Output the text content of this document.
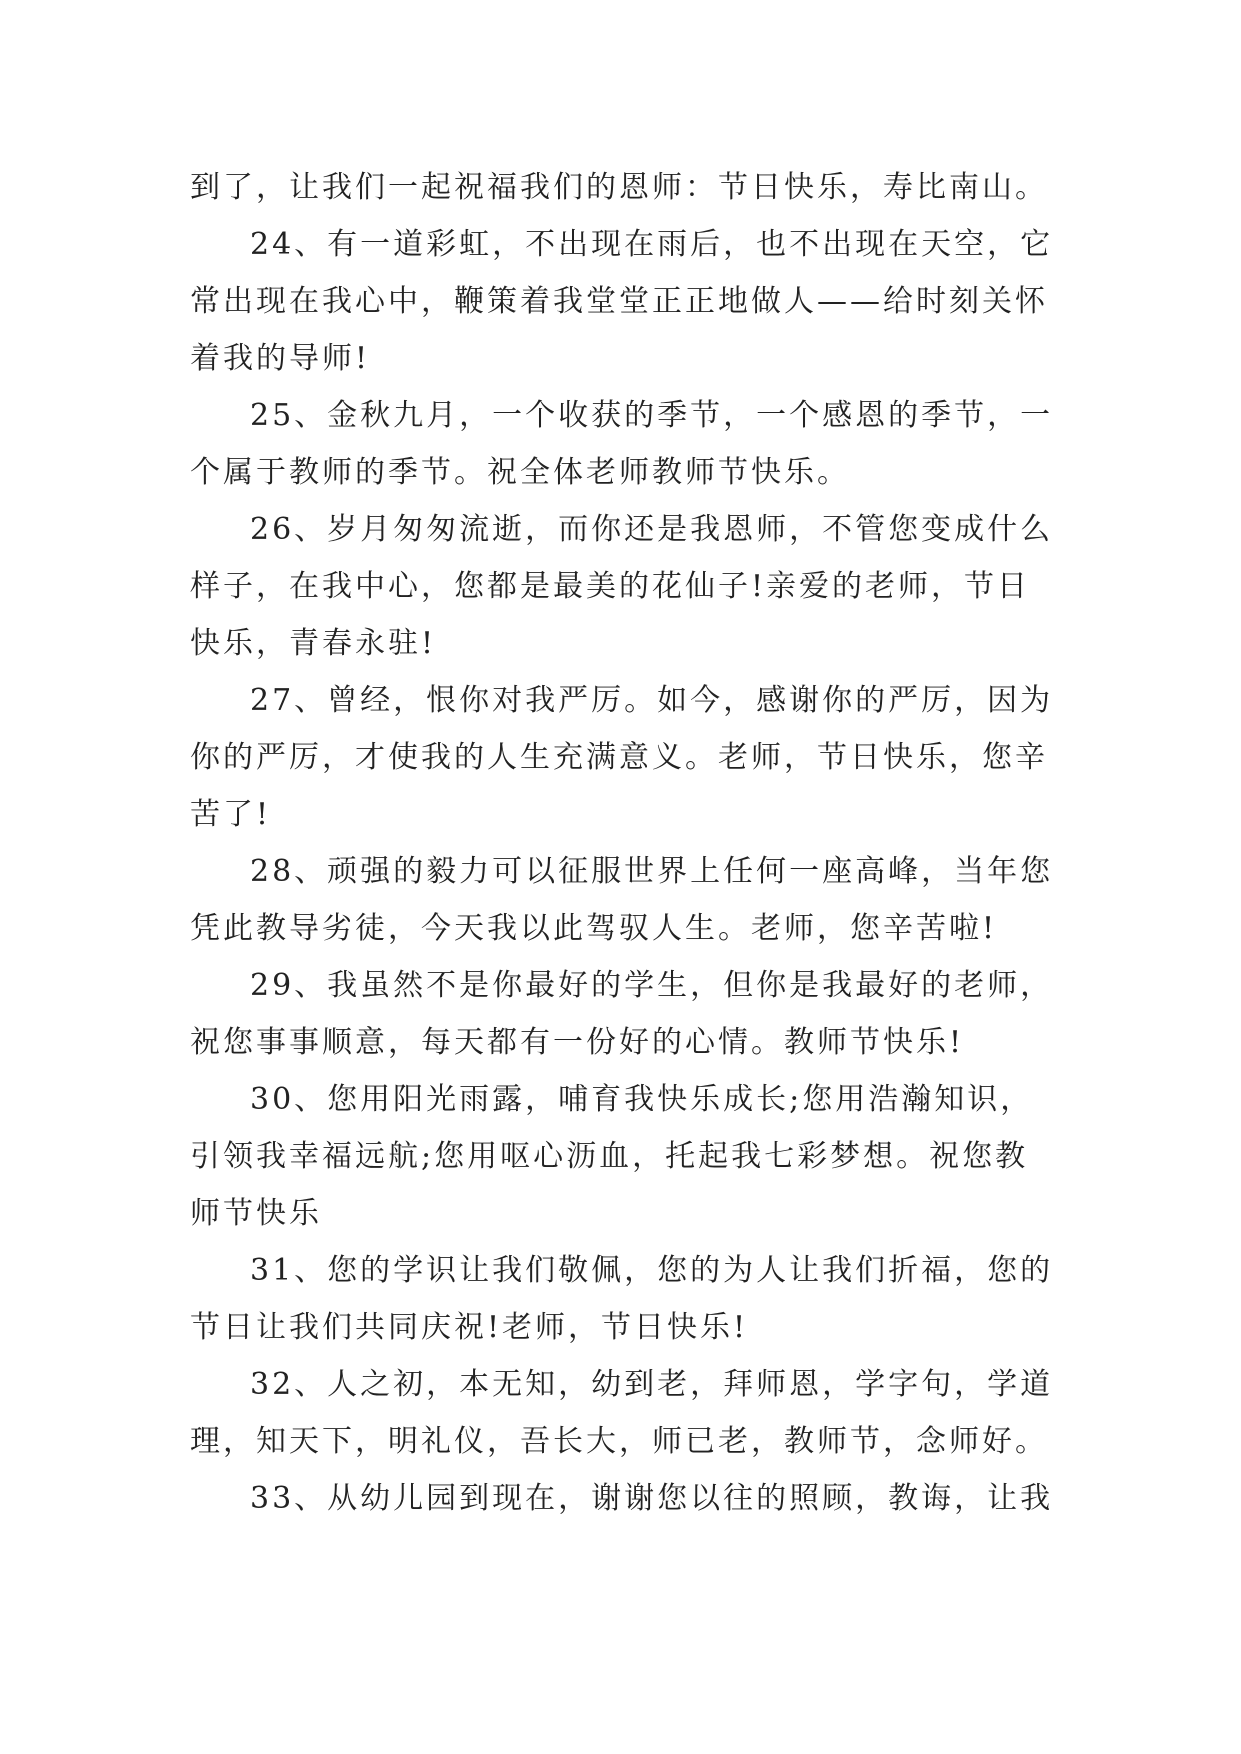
到了，让我们一起祝福我们的恩师：节日快乐，寿比南山。
24、有一道彩虹，不出现在雨后，也不出现在天空，它
常出现在我心中，鞭策着我堂堂正正地做人——给时刻关怀
着我的导师!
25、金秋九月，一个收获的季节，一个感恩的季节，一
个属于教师的季节。祝全体老师教师节快乐。
26、岁月匆匆流逝，而你还是我恩师，不管您变成什么
样子，在我中心，您都是最美的花仙子!亲爱的老师，节日
快乐，青春永驻!
27、曾经，恨你对我严厉。如今，感谢你的严厉，因为
你的严厉，才使我的人生充满意义。老师，节日快乐，您辛
苦了!
28、顽强的毅力可以征服世界上任何一座高峰，当年您
凭此教导劣徒，今天我以此驾驭人生。老师，您辛苦啦!
29、我虽然不是你最好的学生，但你是我最好的老师，
祝您事事顺意，每天都有一份好的心情。教师节快乐!
30、您用阳光雨露，哺育我快乐成长;您用浩瀚知识，
引领我幸福远航;您用呕心沥血，托起我七彩梦想。祝您教
师节快乐
31、您的学识让我们敬佩，您的为人让我们折福，您的
节日让我们共同庆祝!老师，节日快乐!
32、人之初，本无知，幼到老，拜师恩，学字句，学道
理，知天下，明礼仪，吾长大，师已老，教师节，念师好。
33、从幼儿园到现在，谢谢您以往的照顾，教诲，让我
